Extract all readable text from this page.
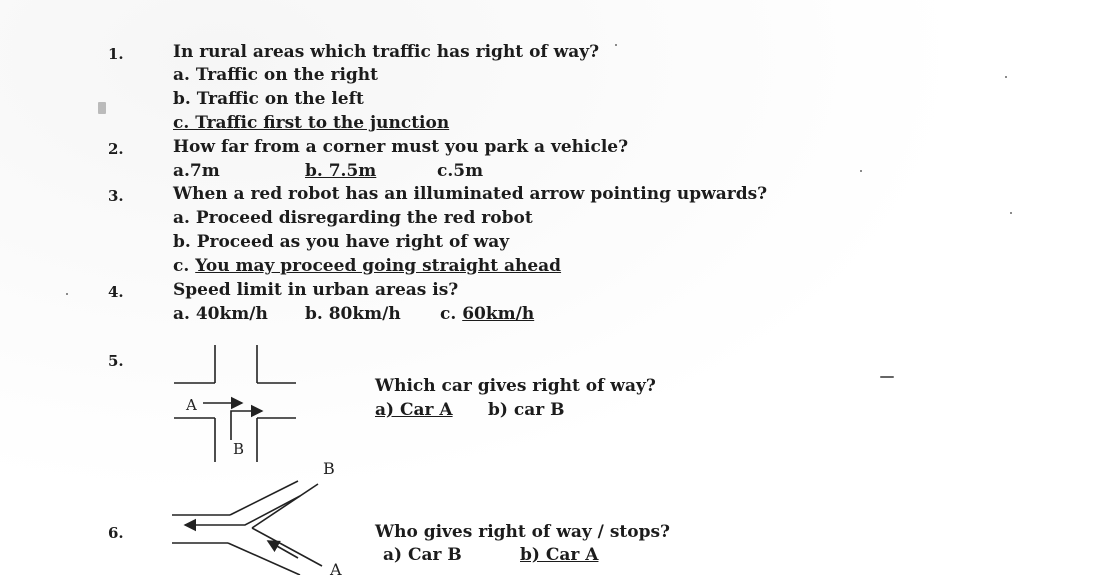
1.	In rural areas which traffic has right of way?
a. Traffic on the right
b. Traffic on the left
c. Traffic first to the junction
2.	How far from a corner must you park a vehicle?
a.7m	b. 7.5m	c.5m
3.	When a red robot has an illuminated arrow pointing upwards?
a. Proceed disregarding the red robot
b. Proceed as you have right of way
c. You may proceed going straight ahead
4.	Speed limit in urban areas is?
a. 40km/h b. 80km/h c. 60km/h
5.
Which car gives right of way?
a) Car A b) car B
6.	Who gives right of way / stops?
a) Car B	b) Car A
A
B
B
A
